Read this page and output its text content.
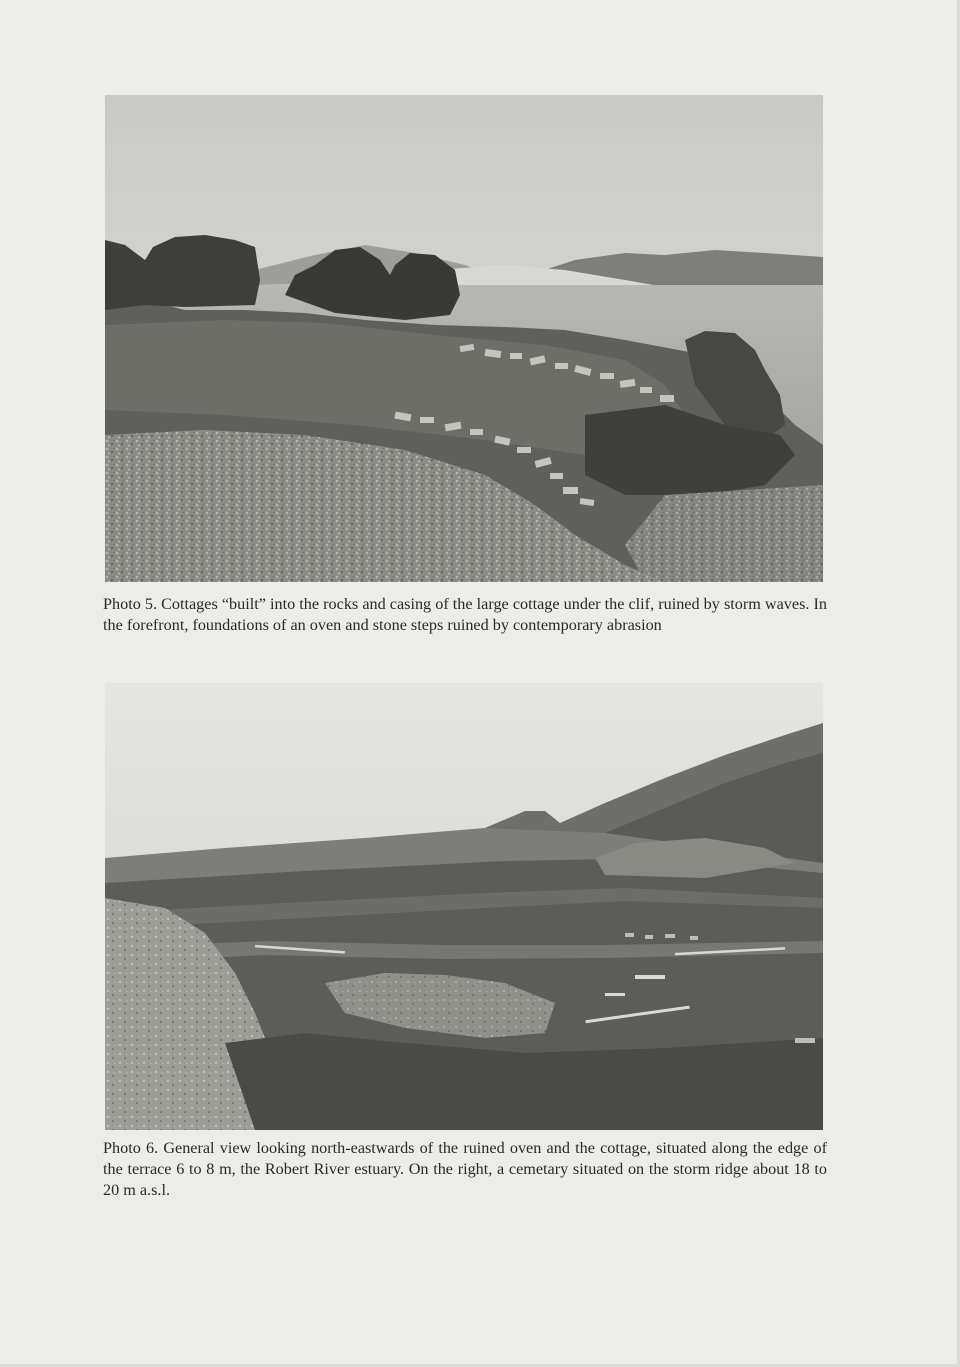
Photo 5. Cottages “built” into the rocks and casing of the large cottage under the clif, ruined by storm waves. In the forefront, foundations of an oven and stone steps ruined by contemporary abrasion
Photo 6. General view looking north-eastwards of the ruined oven and the cottage, situated along the edge of the terrace 6 to 8 m, the Robert River estuary. On the right, a cemetary situated on the storm ridge about 18 to 20 m a.s.l.
